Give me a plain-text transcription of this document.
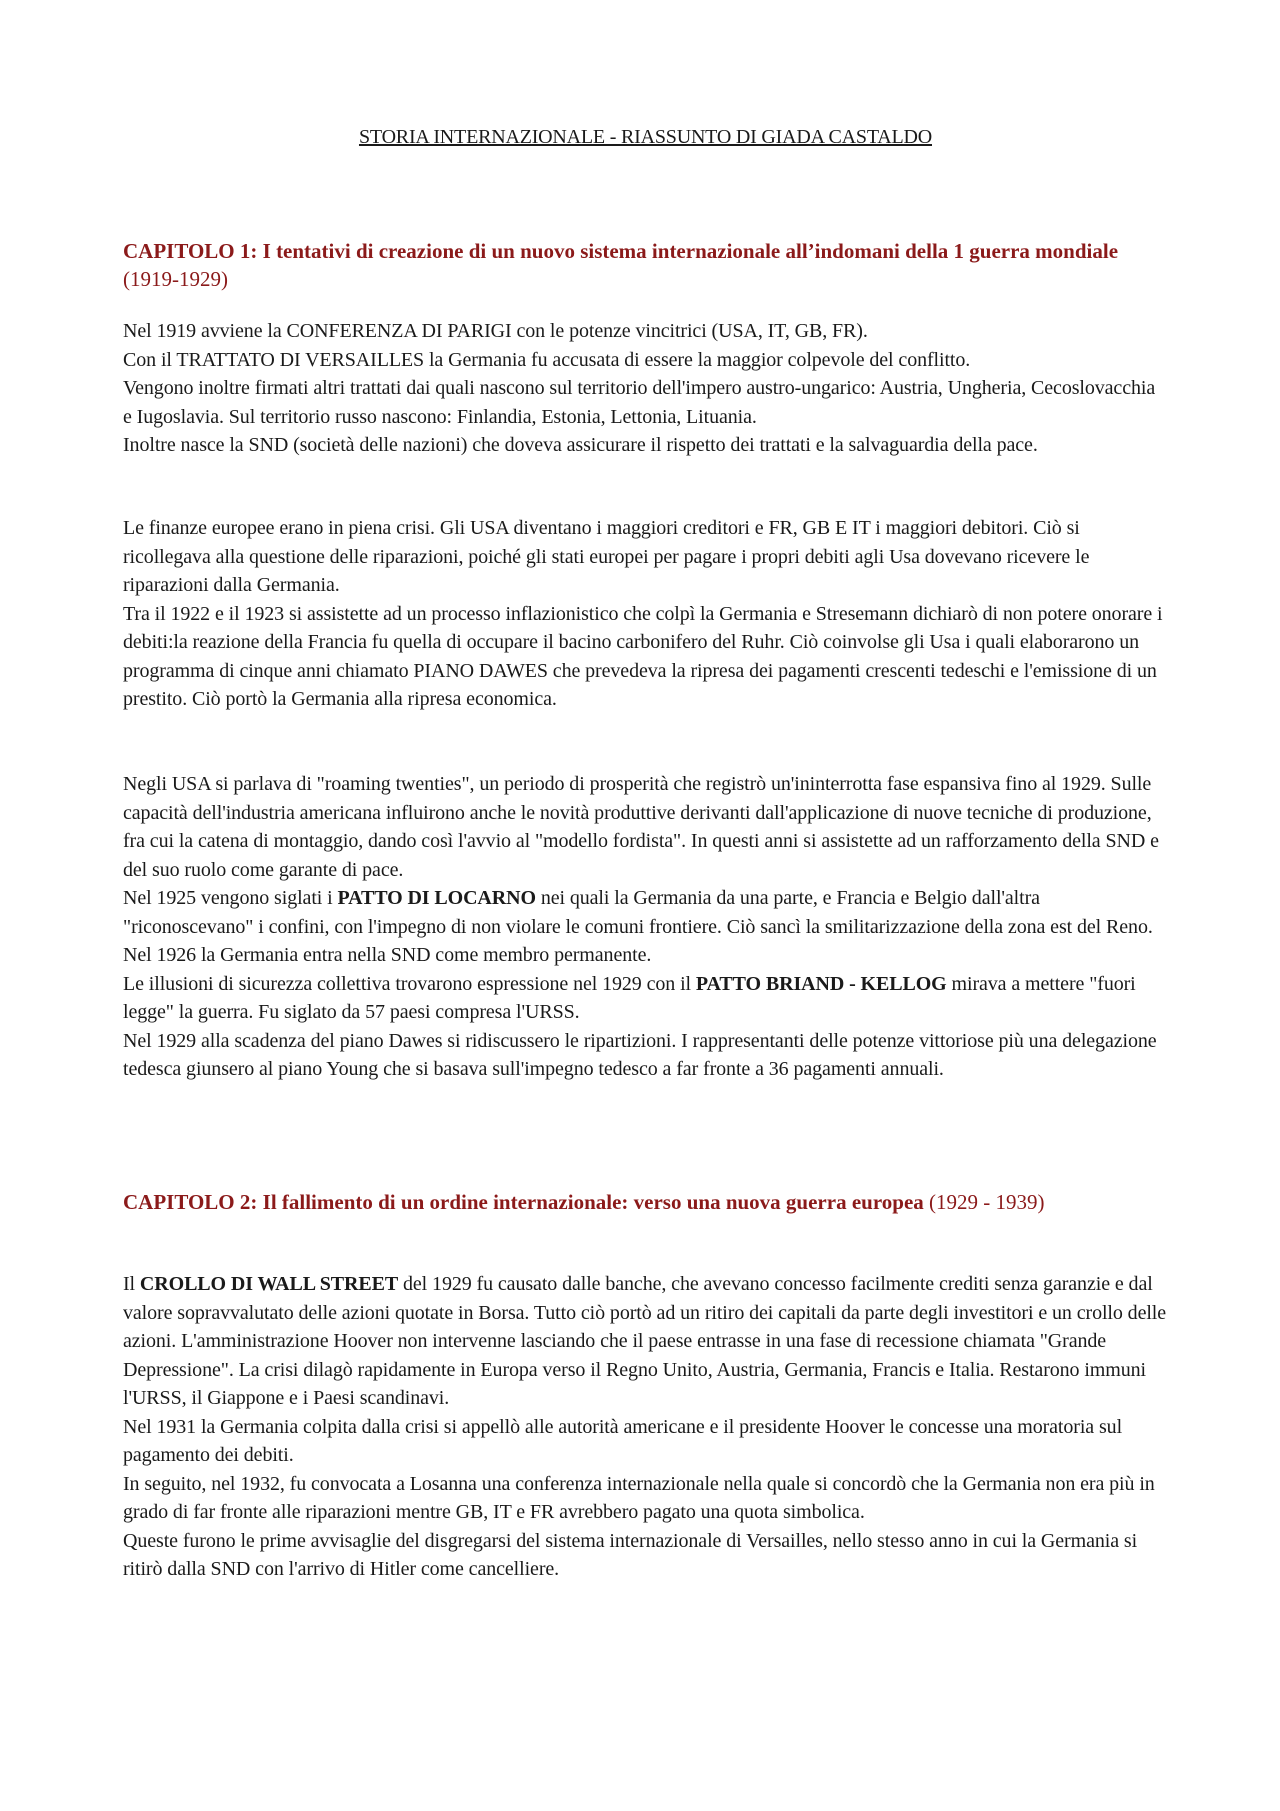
STORIA INTERNAZIONALE - RIASSUNTO DI GIADA CASTALDO
CAPITOLO 1: I tentativi di creazione di un nuovo sistema internazionale all’indomani della 1 guerra mondiale (1919-1929)

Nel 1919 avviene la CONFERENZA DI PARIGI con le potenze vincitrici (USA, IT, GB, FR).

Con il TRATTATO DI VERSAILLES la Germania fu accusata di essere la maggior colpevole del conflitto.

Vengono inoltre firmati altri trattati dai quali nascono sul territorio dell'impero austro-ungarico: Austria, Ungheria, Cecoslovacchia e Iugoslavia. Sul territorio russo nascono: Finlandia, Estonia, Lettonia, Lituania.

Inoltre nasce la SND (società delle nazioni) che doveva assicurare il rispetto dei trattati e la salvaguardia della pace.

Le finanze europee erano in piena crisi. Gli USA diventano i maggiori creditori e FR, GB E IT i maggiori debitori. Ciò si ricollegava alla questione delle riparazioni, poiché gli stati europei per pagare i propri debiti agli Usa dovevano ricevere le riparazioni dalla Germania.

Tra il 1922 e il 1923 si assistette ad un processo inflazionistico che colpì la Germania e Stresemann dichiarò di non potere onorare i debiti:la reazione della Francia fu quella di occupare il bacino carbonifero del Ruhr. Ciò coinvolse gli Usa i quali elaborarono un programma di cinque anni chiamato PIANO DAWES che prevedeva la ripresa dei pagamenti crescenti tedeschi e l'emissione di un prestito. Ciò portò la Germania alla ripresa economica.

Negli USA si parlava di "roaming twenties", un periodo di prosperità che registrò un'ininterrotta fase espansiva fino al 1929. Sulle capacità dell'industria americana influirono anche le novità produttive derivanti dall'applicazione di nuove tecniche di produzione, fra cui la catena di montaggio, dando così l'avvio al "modello fordista". In questi anni si assistette ad un rafforzamento della SND e del suo ruolo come garante di pace.

Nel 1925 vengono siglati i PATTO DI LOCARNO nei quali la Germania da una parte, e Francia e Belgio dall'altra "riconoscevano" i confini, con l'impegno di non violare le comuni frontiere. Ciò sancì la smilitarizzazione della zona est del Reno. Nel 1926 la Germania entra nella SND come membro permanente.

Le illusioni di sicurezza collettiva trovarono espressione nel 1929 con il PATTO BRIAND - KELLOG mirava a mettere "fuori legge" la guerra. Fu siglato da 57 paesi compresa l'URSS.

Nel 1929 alla scadenza del piano Dawes si ridiscussero le ripartizioni. I rappresentanti delle potenze vittoriose più una delegazione tedesca giunsero al piano Young che si basava sull'impegno tedesco a far fronte a 36 pagamenti annuali.

CAPITOLO 2: Il fallimento di un ordine internazionale: verso una nuova guerra europea (1929 - 1939)

Il CROLLO DI WALL STREET del 1929 fu causato dalle banche, che avevano concesso facilmente crediti senza garanzie e dal valore sopravvalutato delle azioni quotate in Borsa. Tutto ciò portò ad un ritiro dei capitali da parte degli investitori e un crollo delle azioni. L'amministrazione Hoover non intervenne lasciando che il paese entrasse in una fase di recessione chiamata "Grande Depressione". La crisi dilagò rapidamente in Europa verso il Regno Unito, Austria, Germania, Francis e Italia. Restarono immuni l'URSS, il Giappone e i Paesi scandinavi.

Nel 1931 la Germania colpita dalla crisi si appellò alle autorità americane e il presidente Hoover le concesse una moratoria sul pagamento dei debiti.

In seguito, nel 1932, fu convocata a Losanna una conferenza internazionale nella quale si concordò che la Germania non era più in grado di far fronte alle riparazioni mentre GB, IT e FR avrebbero pagato una quota simbolica.

Queste furono le prime avvisaglie del disgregarsi del sistema internazionale di Versailles, nello stesso anno in cui la Germania si ritirò dalla SND con l'arrivo di Hitler come cancelliere.
